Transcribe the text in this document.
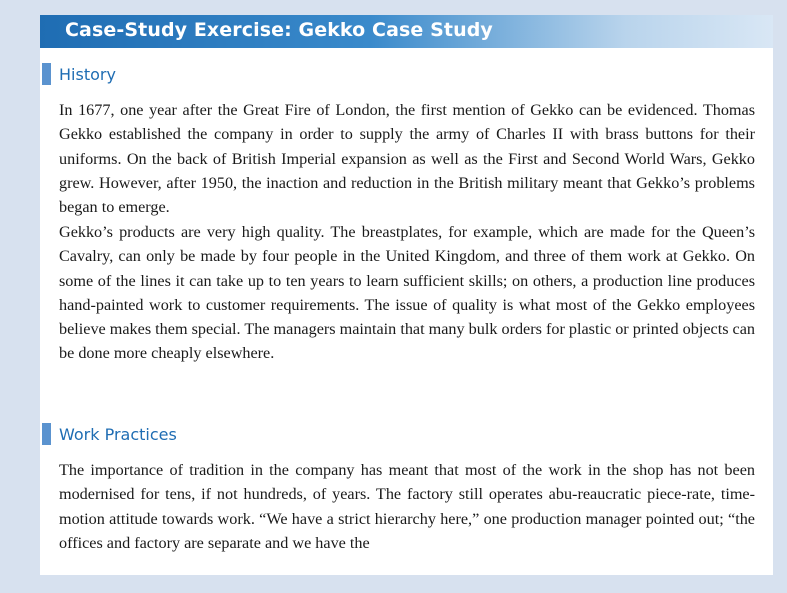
Case-Study Exercise: Gekko Case Study
History

In 1677, one year after the Great Fire of London, the first mention of Gekko can be evidenced. Thomas Gekko established the company in order to supply the army of Charles II with brass buttons for their uniforms. On the back of British Imperial expansion as well as the First and Second World Wars, Gekko grew. However, after 1950, the inaction and reduction in the British military meant that Gekko’s problems began to emerge.

Gekko’s products are very high quality. The breastplates, for example, which are made for the Queen’s Cavalry, can only be made by four people in the United Kingdom, and three of them work at Gekko. On some of the lines it can take up to ten years to learn sufficient skills; on others, a production line produces hand-painted work to customer requirements. The issue of quality is what most of the Gekko employees believe makes them special. The managers maintain that many bulk orders for plastic or printed objects can be done more cheaply elsewhere.

Work Practices

The importance of tradition in the company has meant that most of the work in the shop has not been modernised for tens, if not hundreds, of years. The factory still operates abu-reaucratic piece-rate, time-motion attitude towards work. “We have a strict hierarchy here,” one production manager pointed out; “the offices and factory are separate and we have the
